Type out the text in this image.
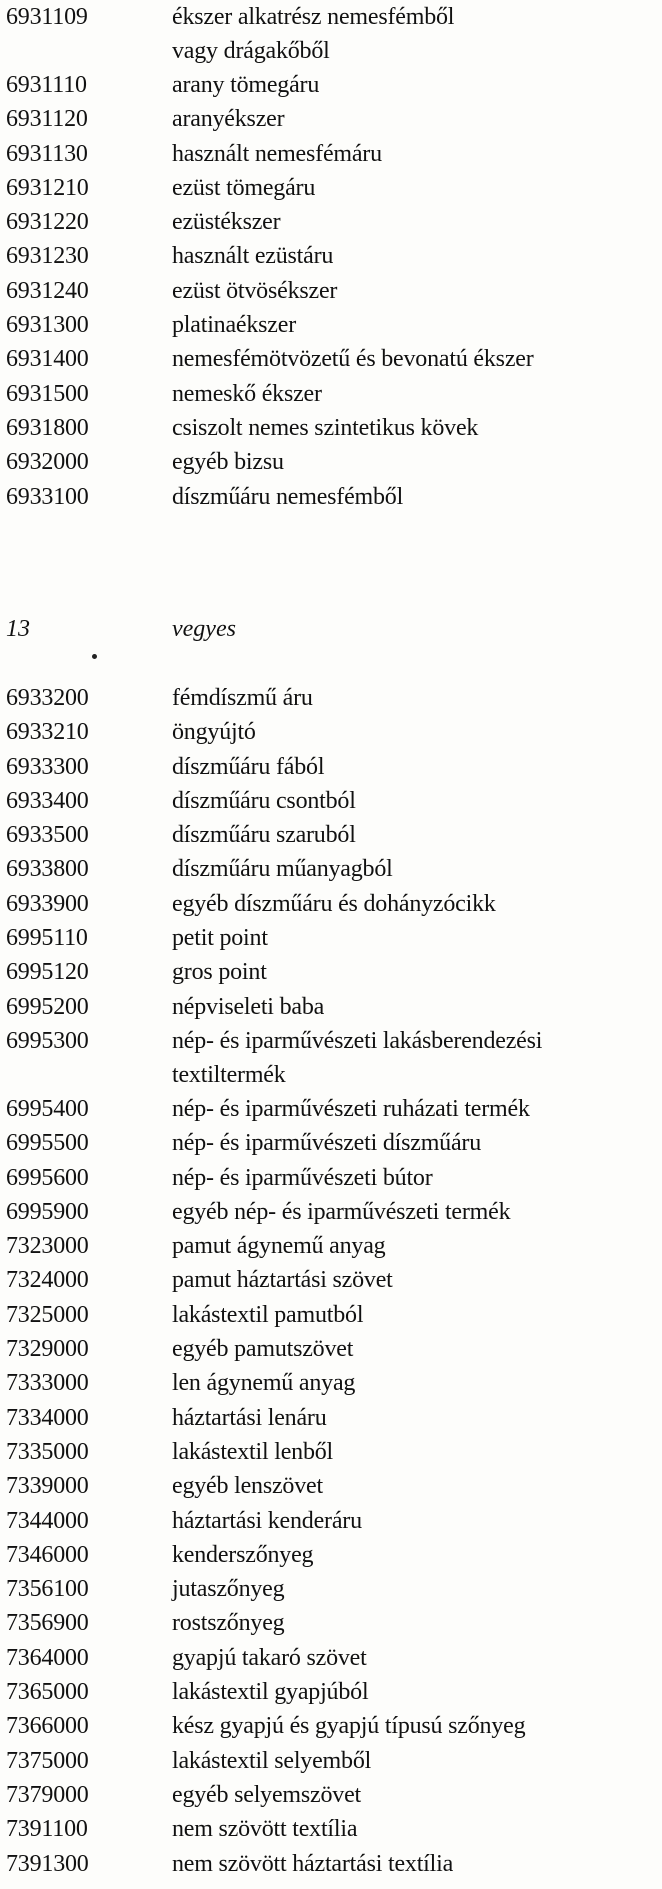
6931109	ékszer alkatrész nemesfémből
vagy drágakőből
6931110	arany tömegáru
6931120	aranyékszer
6931130	használt nemesfémáru
6931210	ezüst tömegáru
6931220	ezüstékszer
6931230	használt ezüstáru
6931240	ezüst ötvösékszer
6931300	platinaékszer
6931400	nemesfémötvözetű és bevonatú ékszer
6931500	nemeskő ékszer
6931800	csiszolt nemes szintetikus kövek
6932000	egyéb bizsu
6933100	díszműáru nemesfémből
13	vegyes
6933200	fémdíszmű áru
6933210	öngyújtó
6933300	díszműáru fából
6933400	díszműáru csontból
6933500	díszműáru szaruból
6933800	díszműáru műanyagból
6933900	egyéb díszműáru és dohányzócikk
6995110	petit point
6995120	gros point
6995200	népviseleti baba
6995300	nép- és iparművészeti lakásberendezési
textiltermék
6995400	nép- és iparművészeti ruházati termék
6995500	nép- és iparművészeti díszműáru
6995600	nép- és iparművészeti bútor
6995900	egyéb nép- és iparművészeti termék
7323000	pamut ágynemű anyag
7324000	pamut háztartási szövet
7325000	lakástextil pamutból
7329000	egyéb pamutszövet
7333000	len ágynemű anyag
7334000	háztartási lenáru
7335000	lakástextil lenből
7339000	egyéb lenszövet
7344000	háztartási kenderáru
7346000	kenderszőnyeg
7356100	jutaszőnyeg
7356900	rostszőnyeg
7364000	gyapjú takaró szövet
7365000	lakástextil gyapjúból
7366000	kész gyapjú és gyapjú típusú szőnyeg
7375000	lakástextil selyemből
7379000	egyéb selyemszövet
7391100	nem szövött textília
7391300	nem szövött háztartási textília
